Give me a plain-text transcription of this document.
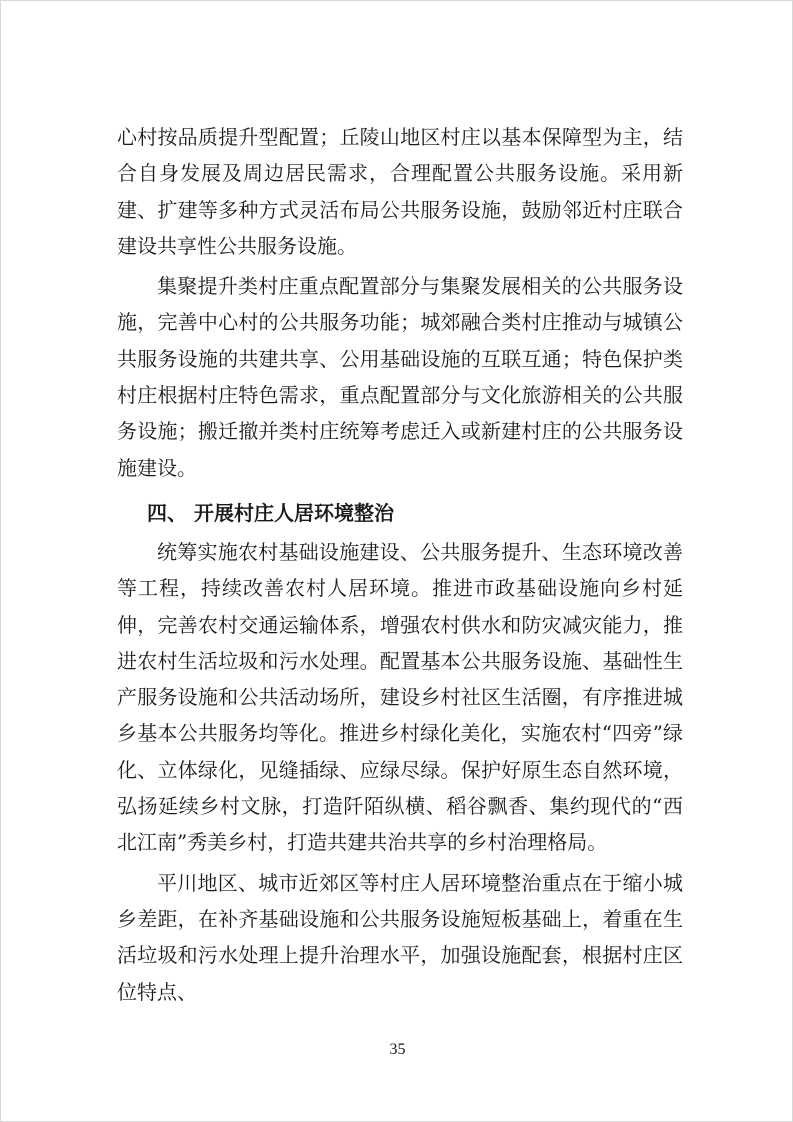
心村按品质提升型配置；丘陵山地区村庄以基本保障型为主，结合自身发展及周边居民需求，合理配置公共服务设施。采用新建、扩建等多种方式灵活布局公共服务设施，鼓励邻近村庄联合建设共享性公共服务设施。

集聚提升类村庄重点配置部分与集聚发展相关的公共服务设施，完善中心村的公共服务功能；城郊融合类村庄推动与城镇公共服务设施的共建共享、公用基础设施的互联互通；特色保护类村庄根据村庄特色需求，重点配置部分与文化旅游相关的公共服务设施；搬迁撤并类村庄统筹考虑迁入或新建村庄的公共服务设施建设。

四、 开展村庄人居环境整治

统筹实施农村基础设施建设、公共服务提升、生态环境改善等工程，持续改善农村人居环境。推进市政基础设施向乡村延伸，完善农村交通运输体系，增强农村供水和防灾减灾能力，推进农村生活垃圾和污水处理。配置基本公共服务设施、基础性生产服务设施和公共活动场所，建设乡村社区生活圈，有序推进城乡基本公共服务均等化。推进乡村绿化美化，实施农村“四旁”绿化、立体绿化，见缝插绿、应绿尽绿。保护好原生态自然环境，弘扬延续乡村文脉，打造阡陌纵横、稻谷飘香、集约现代的“西北江南”秀美乡村，打造共建共治共享的乡村治理格局。

平川地区、城市近郊区等村庄人居环境整治重点在于缩小城乡差距，在补齐基础设施和公共服务设施短板基础上，着重在生活垃圾和污水处理上提升治理水平，加强设施配套，根据村庄区位特点、

35
